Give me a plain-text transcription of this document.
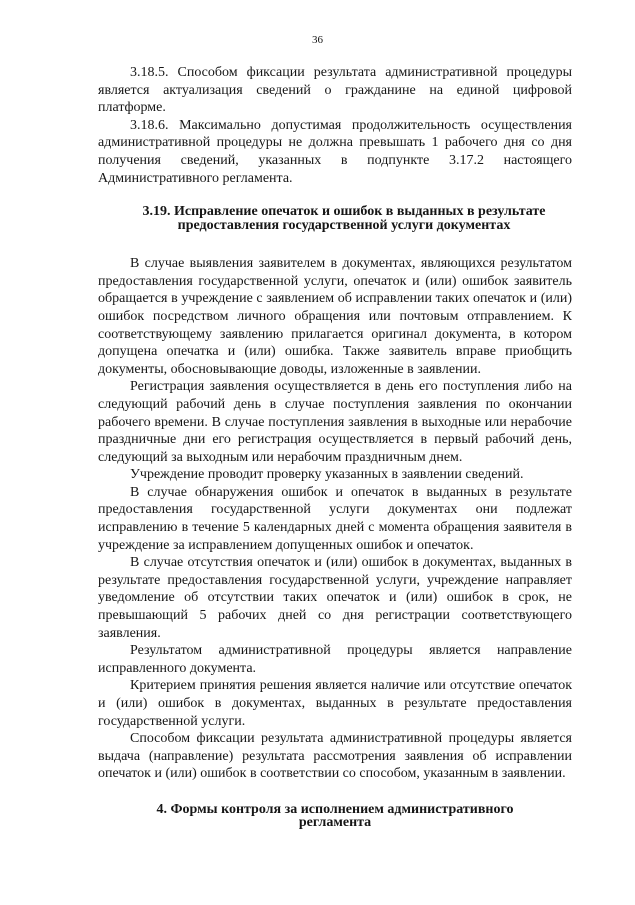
36

3.18.5. Способом фиксации результата административной процедуры является актуализация сведений о гражданине на единой цифровой платформе.

3.18.6. Максимально допустимая продолжительность осуществления административной процедуры не должна превышать 1 рабочего дня со дня получения сведений, указанных в подпункте 3.17.2 настоящего Административного регламента.

3.19. Исправление опечаток и ошибок в выданных в результате
предоставления государственной услуги документах

В случае выявления заявителем в документах, являющихся результатом предоставления государственной услуги, опечаток и (или) ошибок заявитель обращается в учреждение с заявлением об исправлении таких опечаток и (или) ошибок посредством личного обращения или почтовым отправлением. К соответствующему заявлению прилагается оригинал документа, в котором допущена опечатка и (или) ошибка. Также заявитель вправе приобщить документы, обосновывающие доводы, изложенные в заявлении.

Регистрация заявления осуществляется в день его поступления либо на следующий рабочий день в случае поступления заявления по окончании рабочего времени. В случае поступления заявления в выходные или нерабочие праздничные дни его регистрация осуществляется в первый рабочий день, следующий за выходным или нерабочим праздничным днем.

Учреждение проводит проверку указанных в заявлении сведений.

В случае обнаружения ошибок и опечаток в выданных в результате предоставления государственной услуги документах они подлежат исправлению в течение 5 календарных дней с момента обращения заявителя в учреждение за исправлением допущенных ошибок и опечаток.

В случае отсутствия опечаток и (или) ошибок в документах, выданных в результате предоставления государственной услуги, учреждение направляет уведомление об отсутствии таких опечаток и (или) ошибок в срок, не превышающий 5 рабочих дней со дня регистрации соответствующего заявления.

Результатом административной процедуры является направление исправленного документа.

Критерием принятия решения является наличие или отсутствие опечаток и (или) ошибок в документах, выданных в результате предоставления государственной услуги.

Способом фиксации результата административной процедуры является выдача (направление) результата рассмотрения заявления об исправлении опечаток и (или) ошибок в соответствии со способом, указанным в заявлении.

4. Формы контроля за исполнением административного
регламента
